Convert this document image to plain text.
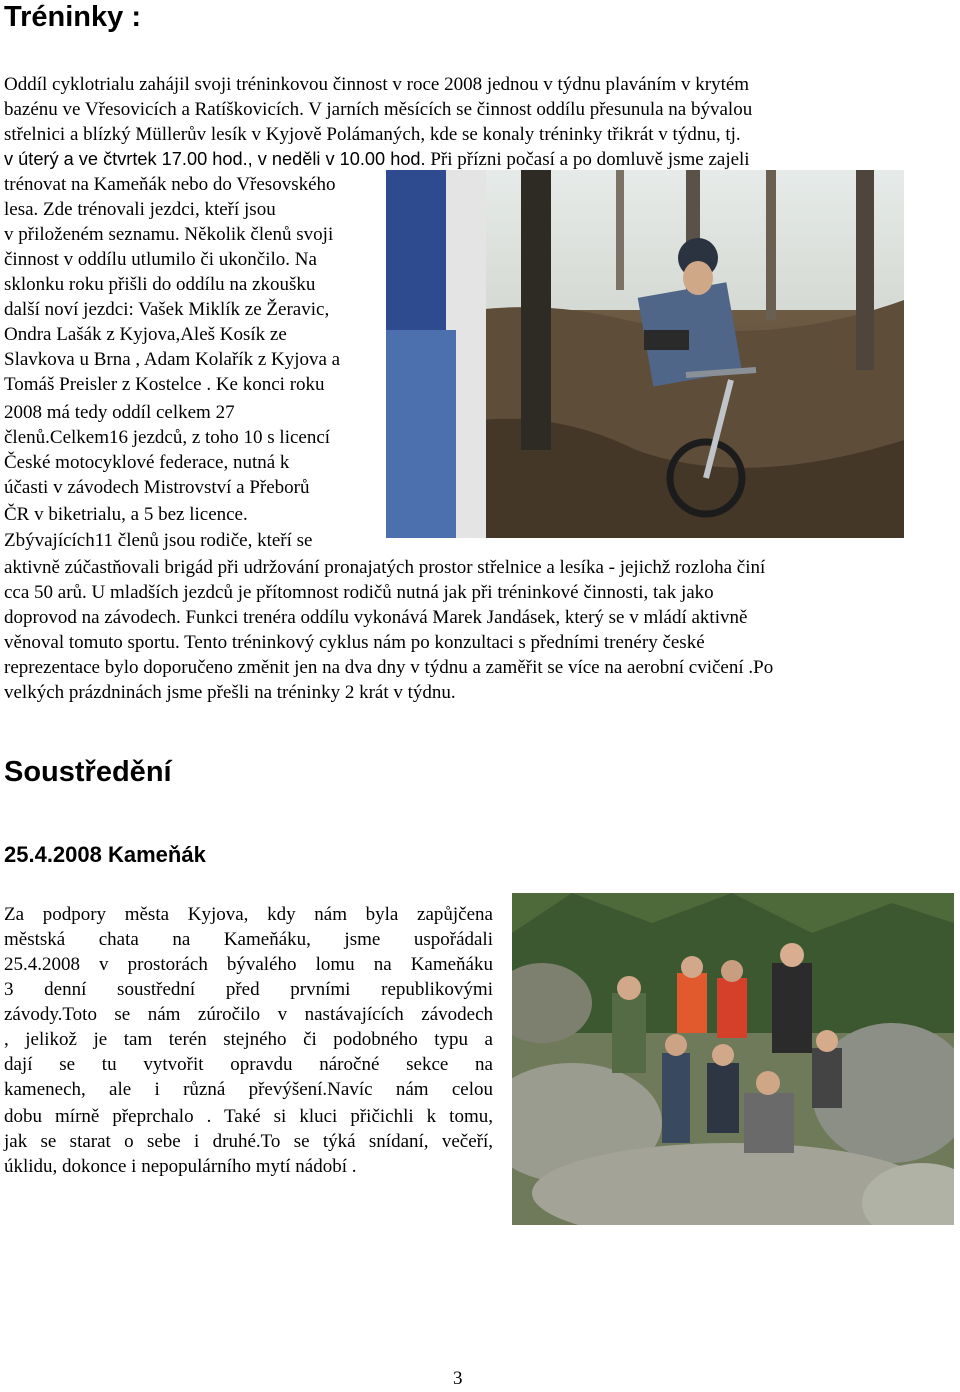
Tréninky :
Oddíl cyklotrialu zahájil svoji tréninkovou činnost v roce 2008 jednou v týdnu plaváním v krytém
bazénu ve Vřesovicích a Ratíškovicích. V jarních měsících se činnost oddílu přesunula na bývalou
střelnici a blízký Müllerův lesík v Kyjově Polámaných, kde se konaly tréninky třikrát v týdnu, tj.
v úterý a ve čtvrtek 17.00 hod., v neděli v 10.00 hod. Při přízni počasí a po domluvě jsme zajeli
trénovat na Kameňák nebo do Vřesovského
lesa. Zde trénovali jezdci, kteří jsou
v přiloženém seznamu. Několik členů svoji
činnost v oddílu utlumilo či ukončilo. Na
sklonku roku přišli do oddílu na zkoušku
další noví jezdci: Vašek Miklík ze Žeravic,
Ondra Lašák z Kyjova,Aleš Kosík ze
Slavkova u Brna , Adam Kolařík z Kyjova a
Tomáš Preisler z Kostelce . Ke konci roku
2008 má tedy oddíl celkem 27
členů.Celkem16 jezdců, z toho 10 s licencí
České motocyklové federace, nutná k
účasti v závodech Mistrovství a Přeborů
ČR v biketrialu, a 5 bez licence.
Zbývajících11 členů jsou rodiče, kteří se
aktivně zúčastňovali brigád při udržování pronajatých prostor střelnice a lesíka - jejichž rozloha činí
cca 50 arů. U mladších jezdců je přítomnost rodičů nutná jak při tréninkové činnosti, tak jako
doprovod na závodech. Funkci trenéra oddílu vykonává Marek Jandásek, který se v mládí aktivně
věnoval tomuto sportu. Tento tréninkový cyklus nám po konzultaci s předními trenéry české
reprezentace bylo doporučeno změnit jen na dva dny v týdnu a zaměřit se více na aerobní cvičení .Po
velkých prázdninách jsme přešli na tréninky 2 krát v týdnu.
Soustředění
25.4.2008 Kameňák
Za podpory města Kyjova, kdy nám byla zapůjčena
městská chata na Kameňáku, jsme uspořádali
25.4.2008 v prostorách bývalého lomu na Kameňáku
3 denní soustřední před prvními republikovými
závody.Toto se nám zúročilo v nastávajících závodech
, jelikož je tam terén stejného či podobného typu a
dají se tu vytvořit opravdu náročné sekce na
kamenech, ale i různá převýšení.Navíc nám celou
dobu mírně přeprchalo . Také si kluci přičichli k tomu,
jak se starat o sebe i druhé.To se týká snídaní, večeří,
úklidu, dokonce i nepopulárního mytí nádobí .
3
